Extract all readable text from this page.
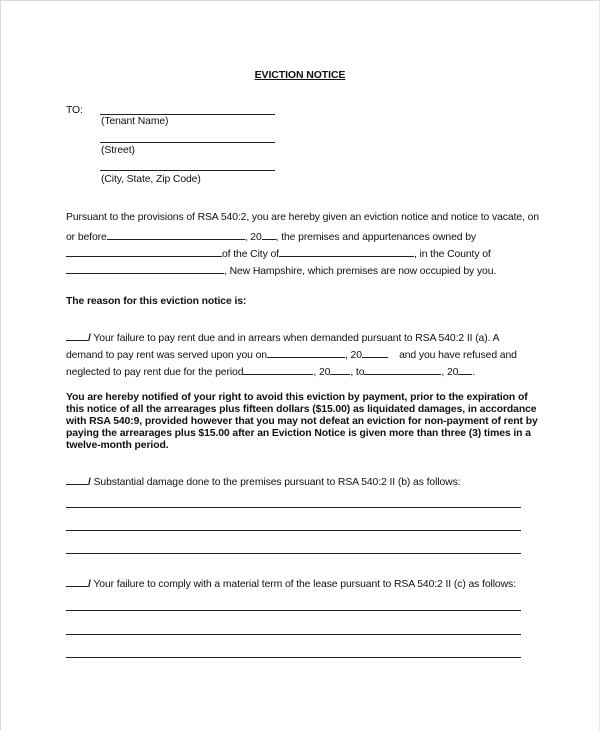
EVICTION NOTICE
TO:
(Tenant Name)
(Street)
(City, State, Zip Code)
Pursuant to the provisions of RSA 540:2, you are hereby given an eviction notice and notice to vacate, on
or before	, 20 , the premises and appurtenances owned by
of the City of	, in the County of
, New Hampshire, which premises are now occupied by you.
The reason for this eviction notice is:
/ Your failure to pay rent due and in arrears when demanded pursuant to RSA 540:2 II (a). A
demand to pay rent was served upon you on	, 20	and you have refused and
neglected to pay rent due for the period	, 20 , to	, 20 .
You are hereby notified of your right to avoid this eviction by payment, prior to the expiration of
this notice of all the arrearages plus fifteen dollars ($15.00) as liquidated damages, in accordance
with RSA 540:9, provided however that you may not defeat an eviction for non-payment of rent by
paying the arrearages plus $15.00 after an Eviction Notice is given more than three (3) times in a
twelve-month period.
/ Substantial damage done to the premises pursuant to RSA 540:2 II (b) as follows:
/ Your failure to comply with a material term of the lease pursuant to RSA 540:2 II (c) as follows:
